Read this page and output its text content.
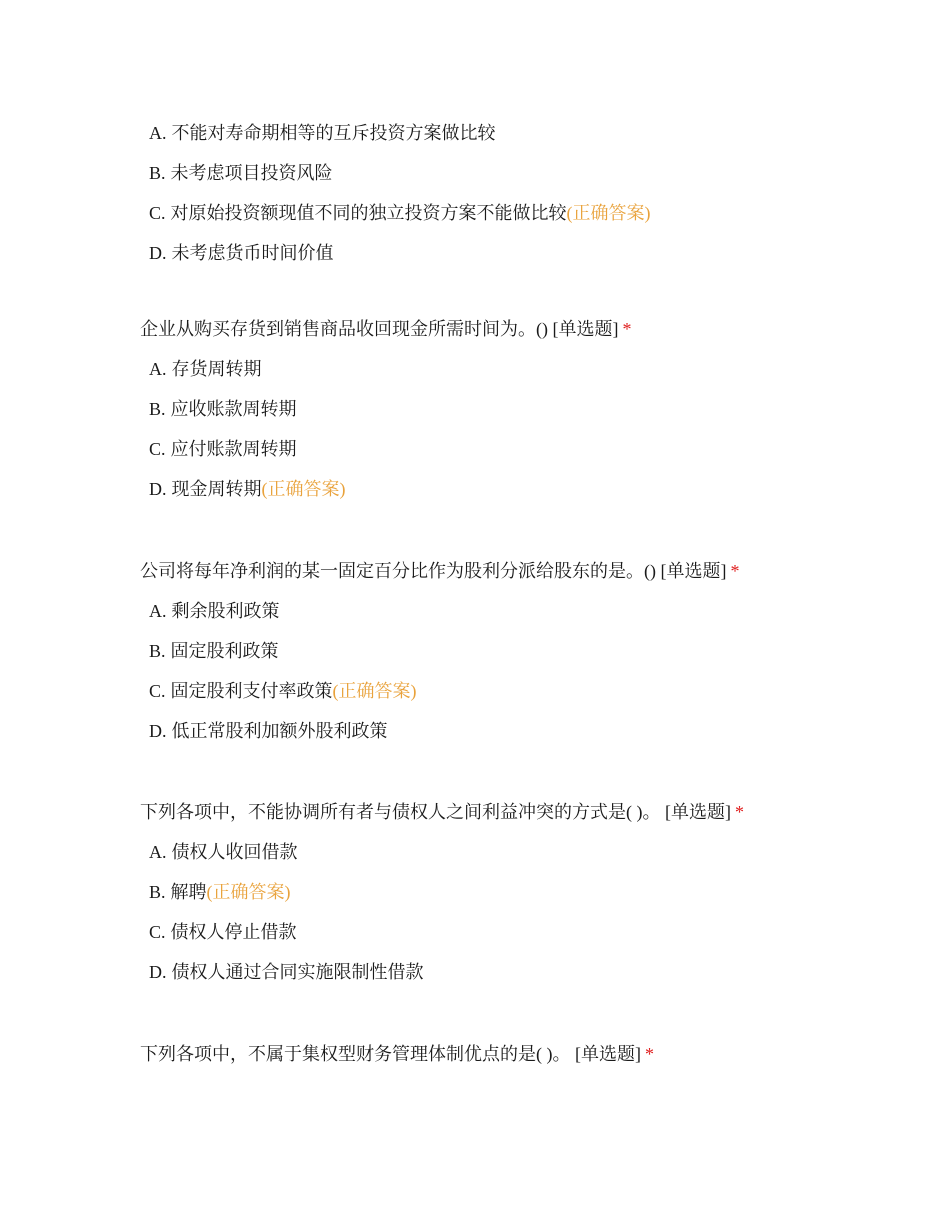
A. 不能对寿命期相等的互斥投资方案做比较
B. 未考虑项目投资风险
C. 对原始投资额现值不同的独立投资方案不能做比较(正确答案)
D. 未考虑货币时间价值
企业从购买存货到销售商品收回现金所需时间为。() [单选题] *
A. 存货周转期
B. 应收账款周转期
C. 应付账款周转期
D. 现金周转期(正确答案)
公司将每年净利润的某一固定百分比作为股利分派给股东的是。() [单选题] *
A. 剩余股利政策
B. 固定股利政策
C. 固定股利支付率政策(正确答案)
D. 低正常股利加额外股利政策
下列各项中，不能协调所有者与债权人之间利益冲突的方式是( )。 [单选题] *
A. 债权人收回借款
B. 解聘(正确答案)
C. 债权人停止借款
D. 债权人通过合同实施限制性借款
下列各项中，不属于集权型财务管理体制优点的是( )。 [单选题] *
